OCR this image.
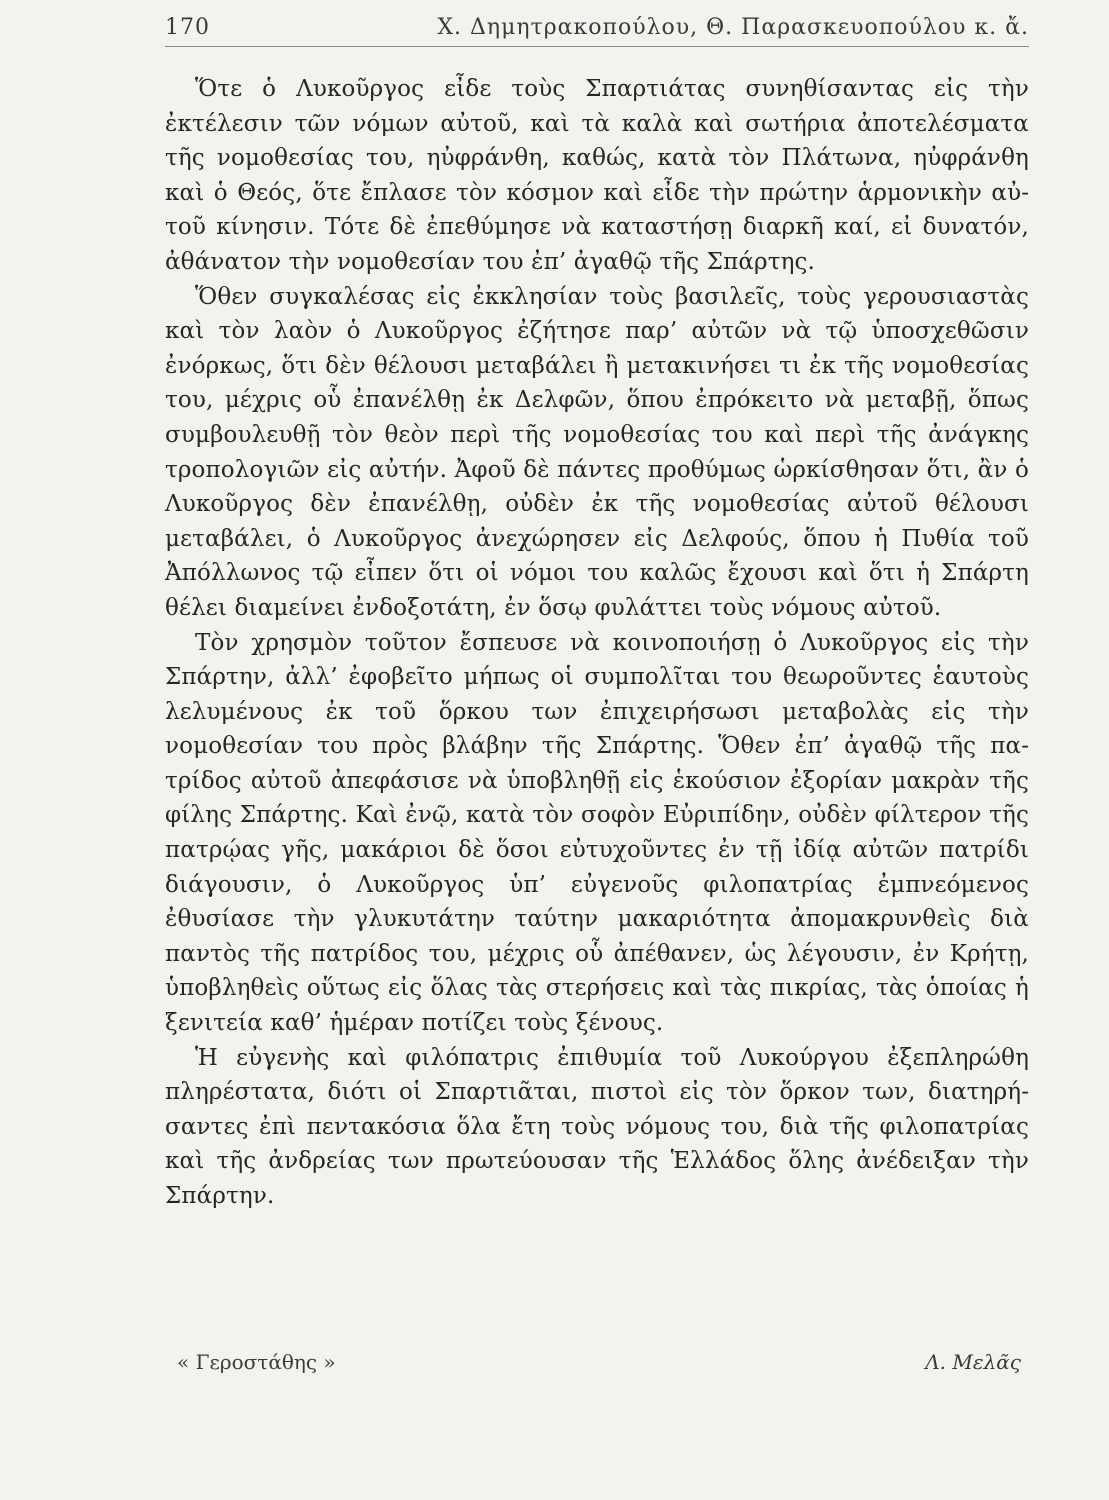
170	Χ. Δημητρακοπούλου, Θ. Παρασκευοπούλου κ. ἄ.

Ὅτε ὁ Λυκοῦργος εἶδε τοὺς Σπαρτιάτας συνηθίσαντας εἰς τὴν ἐκτέλεσιν τῶν νόμων αὐτοῦ, καὶ τὰ καλὰ καὶ σωτήρια ἀποτελέσματα τῆς νομοθεσίας του, ηὐφράνθη, καθώς, κατὰ τὸν Πλάτωνα, ηὐφράνθη καὶ ὁ Θεός, ὅτε ἔπλασε τὸν κόσμον καὶ εἶδε τὴν πρώτην ἁρμονικὴν αὐτοῦ κίνησιν. Τότε δὲ ἐπεθύμησε νὰ καταστήσῃ διαρκῆ καί, εἰ δυνατόν, ἀθάνατον τὴν νομοθεσίαν του ἐπ’ ἀγαθῷ τῆς Σπάρτης.

Ὅθεν συγκαλέσας εἰς ἐκκλησίαν τοὺς βασιλεῖς, τοὺς γερουσιαστὰς καὶ τὸν λαὸν ὁ Λυκοῦργος ἐζήτησε παρ’ αὐτῶν νὰ τῷ ὑποσχεθῶσιν ἐνόρκως, ὅτι δὲν θέλουσι μεταβάλει ἢ μετακινήσει τι ἐκ τῆς νομοθεσίας του, μέχρις οὗ ἐπανέλθῃ ἐκ Δελφῶν, ὅπου ἐπρόκειτο νὰ μεταβῇ, ὅπως συμβουλευθῇ τὸν θεὸν περὶ τῆς νομοθεσίας του καὶ περὶ τῆς ἀνάγκης τροπολογιῶν εἰς αὐτήν. Ἀφοῦ δὲ πάντες προθύμως ὡρκίσθησαν ὅτι, ἂν ὁ Λυκοῦργος δὲν ἐπανέλθῃ, οὐδὲν ἐκ τῆς νομοθεσίας αὐτοῦ θέλουσι μεταβάλει, ὁ Λυκοῦργος ἀνεχώρησεν εἰς Δελφούς, ὅπου ἡ Πυθία τοῦ Ἀπόλλωνος τῷ εἶπεν ὅτι οἱ νόμοι του καλῶς ἔχουσι καὶ ὅτι ἡ Σπάρτη θέλει διαμείνει ἐνδοξοτάτη, ἐν ὅσῳ φυλάττει τοὺς νόμους αὐτοῦ.

Τὸν χρησμὸν τοῦτον ἔσπευσε νὰ κοινοποιήσῃ ὁ Λυκοῦργος εἰς τὴν Σπάρτην, ἀλλ’ ἐφοβεῖτο μήπως οἱ συμπολῖται του θεωροῦντες ἑαυτοὺς λελυμένους ἐκ τοῦ ὅρκου των ἐπιχειρήσωσι μεταβολὰς εἰς τὴν νομοθεσίαν του πρὸς βλάβην τῆς Σπάρτης. Ὅθεν ἐπ’ ἀγαθῷ τῆς πατρίδος αὐτοῦ ἀπεφάσισε νὰ ὑποβληθῇ εἰς ἑκούσιον ἐξορίαν μακρὰν τῆς φίλης Σπάρτης. Καὶ ἐνῷ, κατὰ τὸν σοφὸν Εὐριπίδην, οὐδὲν φίλτερον τῆς πατρῴας γῆς, μακάριοι δὲ ὅσοι εὐτυχοῦντες ἐν τῇ ἰδίᾳ αὐτῶν πατρίδι διάγουσιν, ὁ Λυκοῦργος ὑπ’ εὐγενοῦς φιλοπατρίας ἐμπνεόμενος ἐθυσίασε τὴν γλυκυτάτην ταύτην μακαριότητα ἀπομακρυνθεὶς διὰ παντὸς τῆς πατρίδος του, μέχρις οὗ ἀπέθανεν, ὡς λέγουσιν, ἐν Κρήτῃ, ὑποβληθεὶς οὕτως εἰς ὅλας τὰς στερήσεις καὶ τὰς πικρίας, τὰς ὁποίας ἡ ξενιτεία καθ’ ἡμέραν ποτίζει τοὺς ξένους.

Ἡ εὐγενὴς καὶ φιλόπατρις ἐπιθυμία τοῦ Λυκούργου ἐξεπληρώθη πληρέστατα, διότι οἱ Σπαρτιᾶται, πιστοὶ εἰς τὸν ὅρκον των, διατηρήσαντες ἐπὶ πεντακόσια ὅλα ἔτη τοὺς νόμους του, διὰ τῆς φιλοπατρίας καὶ τῆς ἀνδρείας των πρωτεύουσαν τῆς Ἑλλάδος ὅλης ἀνέδειξαν τὴν Σπάρτην.

« Γεροστάθης »	Λ. Μελᾶς
